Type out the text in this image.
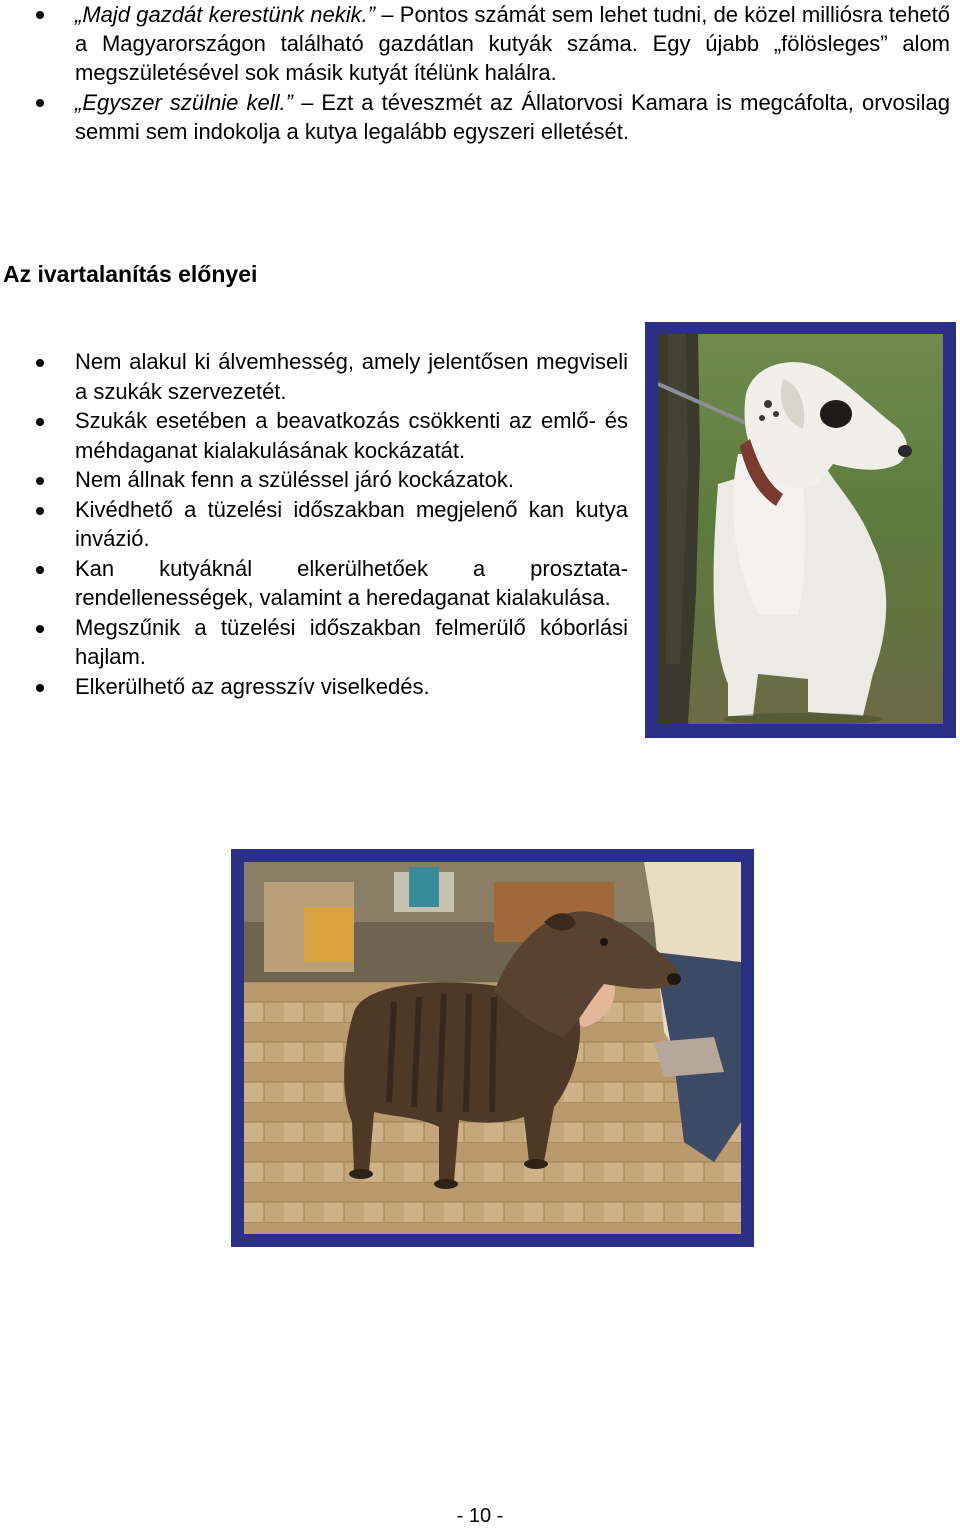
„Majd gazdát kerestünk nekik.” – Pontos számát sem lehet tudni, de közel milliósra tehető a Magyarországon található gazdátlan kutyák száma. Egy újabb „fölösleges” alom megszületésével sok másik kutyát ítélünk halálra.
„Egyszer szülnie kell.” – Ezt a téveszmét az Állatorvosi Kamara is megcáfolta, orvosilag semmi sem indokolja a kutya legalább egyszeri elletését.
Az ivartalanítás előnyei
Nem alakul ki álvemhesség, amely jelentősen megviseli a szukák szervezetét.
Szukák esetében a beavatkozás csökkenti az emlő- és méhdaganat kialakulásának kockázatát.
Nem állnak fenn a szüléssel járó kockázatok.
Kivédhető a tüzelési időszakban megjelenő kan kutya invázió.
Kan kutyáknál elkerülhetőek a prosztata-rendellenességek, valamint a heredaganat kialakulása.
Megszűnik a tüzelési időszakban felmerülő kóborlási hajlam.
Elkerülhető az agresszív viselkedés.
- 10 -
